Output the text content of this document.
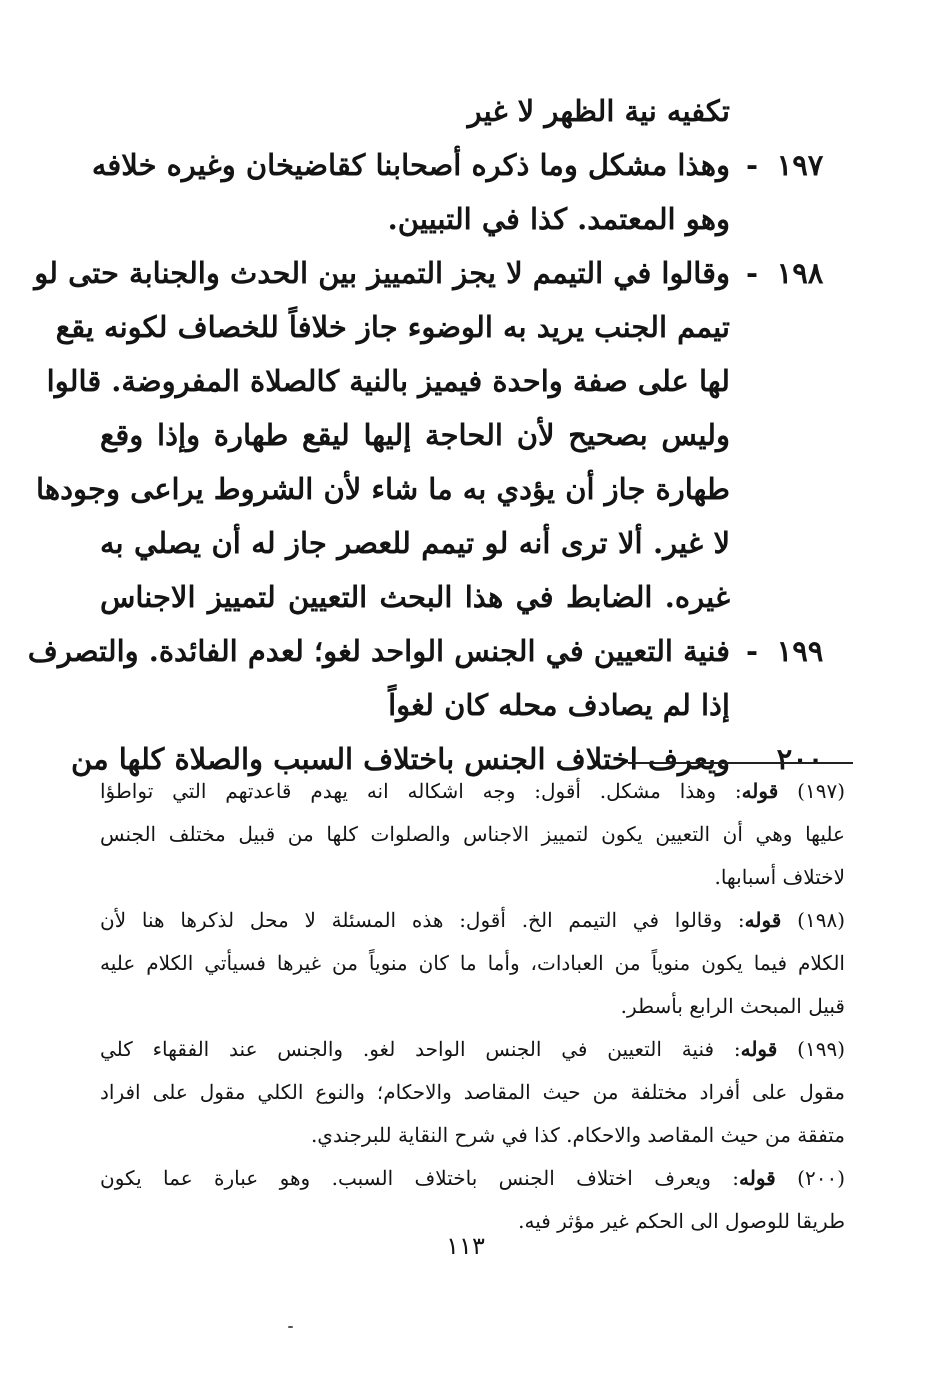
تكفيه نية الظهر لا غير
١٩٧
-
وهذا مشكل وما ذكره أصحابنا كقاضيخان وغيره خلافه
وهو المعتمد. كذا في التبيين.
١٩٨
-
وقالوا في التيمم لا يجز التمييز بين الحدث والجنابة حتى لو
تيمم الجنب يريد به الوضوء جاز خلافاً للخصاف لكونه يقع
لها على صفة واحدة فيميز بالنية كالصلاة المفروضة. قالوا
وليس بصحيح لأن الحاجة إليها ليقع طهارة وإذا وقع
طهارة جاز أن يؤدي به ما شاء لأن الشروط يراعى وجودها
لا غير. ألا ترى أنه لو تيمم للعصر جاز له أن يصلي به
غيره. الضابط في هذا البحث التعيين لتمييز الاجناس
١٩٩
-
فنية التعيين في الجنس الواحد لغو؛ لعدم الفائدة. والتصرف
إذا لم يصادف محله كان لغواً
٢٠٠
ويعرف اختلاف الجنس باختلاف السبب والصلاة كلها من
(١٩٧) قوله: وهذا مشكل. أقول: وجه اشكاله انه يهدم قاعدتهم التي تواطؤا
عليها وهي أن التعيين يكون لتمييز الاجناس والصلوات كلها من قبيل مختلف الجنس
لاختلاف أسبابها.
(١٩٨) قوله: وقالوا في التيمم الخ. أقول: هذه المسئلة لا محل لذكرها هنا لأن
الكلام فيما يكون منوياً من العبادات، وأما ما كان منوياً من غيرها فسيأتي الكلام عليه
قبيل المبحث الرابع بأسطر.
(١٩٩) قوله: فنية التعيين في الجنس الواحد لغو. والجنس عند الفقهاء كلي
مقول على أفراد مختلفة من حيث المقاصد والاحكام؛ والنوع الكلي مقول على افراد
متفقة من حيث المقاصد والاحكام. كذا في شرح النقاية للبرجندي.
(٢٠٠) قوله: ويعرف اختلاف الجنس باختلاف السبب. وهو عبارة عما يكون
طريقا للوصول الى الحكم غير مؤثر فيه.
١١٣
